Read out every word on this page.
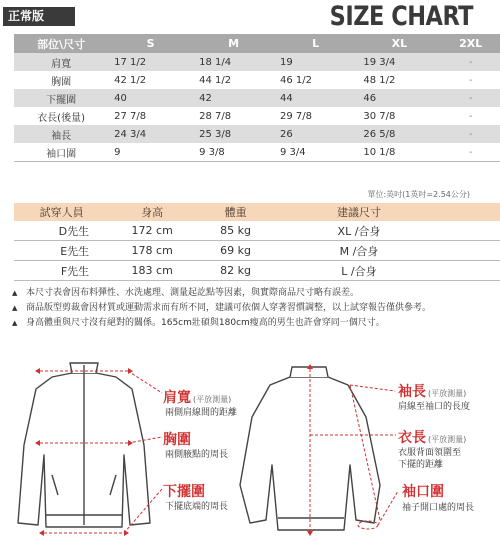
正常版	SIZE CHART
部位\尺寸	S	M	L	XL	2XL
肩寬	17 1/2	18 1/4	19	19 3/4	-
胸圍	42 1/2	44 1/2	46 1/2	48 1/2	-
下擺圍	40	42	44	46	-
衣長(後量)	27 7/8	28 7/8	29 7/8	30 7/8	-
袖長	24 3/4	25 3/8	26	26 5/8	-
袖口圍	9	9 3/8	9 3/4	10 1/8	-
單位:英吋(1英吋=2.54公分)
試穿人員	身高	體重	建議尺寸	
D先生	172 cm	85 kg	XL /合身	
E先生	178 cm	69 kg	M /合身	
F先生	183 cm	82 kg	L /合身	
▲ 本尺寸表會因布料彈性、水洗處理、測量起訖點等因素，與實際商品尺寸略有誤差。
▲ 商品版型剪裁會因材質或運動需求而有所不同，建議可依個人穿著習慣調整，以上試穿報告僅供參考。
▲ 身高體重與尺寸沒有絕對的關係。165cm壯碩與180cm瘦高的男生也許會穿同一個尺寸。
肩寬 (平放測量)
兩側肩線間的距離
胸圍
兩側腋點的周長
下擺圍
下擺底端的周長
袖長 (平放測量)
肩線至袖口的長度
衣長 (平放測量)
衣服背面領圍至
下擺的距離
袖口圍
袖子開口處的周長
